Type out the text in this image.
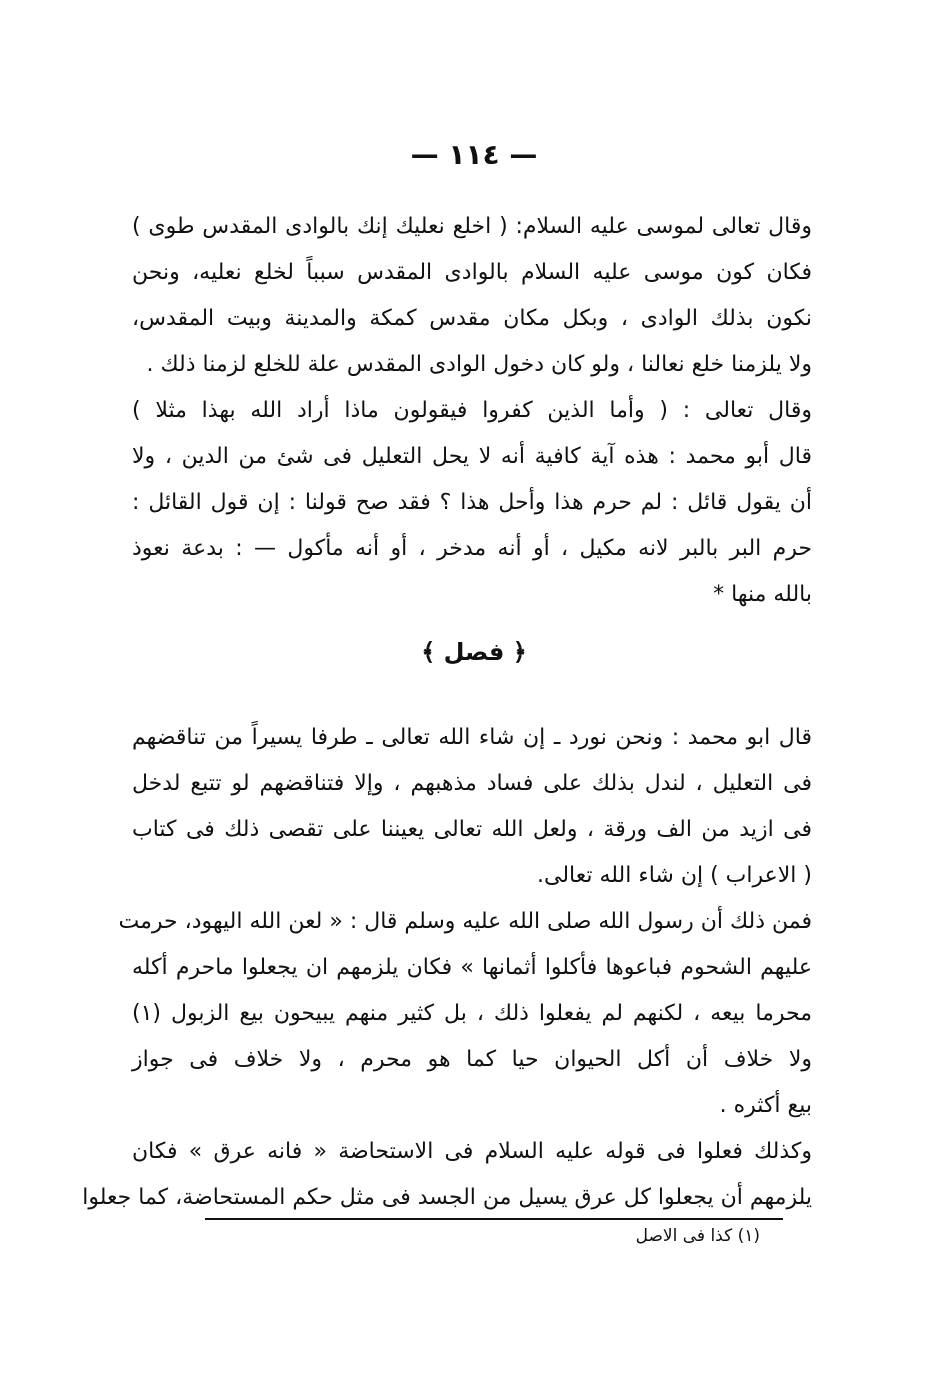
— ١١٤ —

وقال تعالى لموسى عليه السلام: ( اخلع نعليك إنك بالوادى المقدس طوى )
فكان كون موسى عليه السلام بالوادى المقدس سبباً لخلع نعليه، ونحن
نكون بذلك الوادى ، وبكل مكان مقدس كمكة والمدينة وبيت المقدس،
ولا يلزمنا خلع نعالنا ، ولو كان دخول الوادى المقدس علة للخلع لزمنا ذلك .
وقال تعالى : ( وأما الذين كفروا فيقولون ماذا أراد الله بهذا مثلا )
قال أبو محمد : هذه آية كافية أنه لا يحل التعليل فى شئ من الدين ، ولا
أن يقول قائل : لم حرم هذا وأحل هذا ؟ فقد صح قولنا : إن قول القائل :
حرم البر بالبر لانه مكيل ، أو أنه مدخر ، أو أنه مأكول — : بدعة نعوذ
بالله منها *

﴿ فصل ﴾

قال ابو محمد : ونحن نورد ـ إن شاء الله تعالى ـ طرفا يسيراً من تناقضهم
فى التعليل ، لندل بذلك على فساد مذهبهم ، وإلا فتناقضهم لو تتبع لدخل
فى ازيد من الف ورقة ، ولعل الله تعالى يعيننا على تقصى ذلك فى كتاب
( الاعراب ) إن شاء الله تعالى.
فمن ذلك أن رسول الله صلى الله عليه وسلم قال : « لعن الله اليهود، حرمت
عليهم الشحوم فباعوها فأكلوا أثمانها » فكان يلزمهم ان يجعلوا ماحرم أكله
محرما بيعه ، لكنهم لم يفعلوا ذلك ، بل كثير منهم يبيحون بيع الزبول (١)
ولا خلاف أن أكل الحيوان حيا كما هو محرم ، ولا خلاف فى جواز
بيع أكثره .
وكذلك فعلوا فى قوله عليه السلام فى الاستحاضة « فانه عرق » فكان
يلزمهم أن يجعلوا كل عرق يسيل من الجسد فى مثل حكم المستحاضة، كما جعلوا

(١) كذا فى الاصل
